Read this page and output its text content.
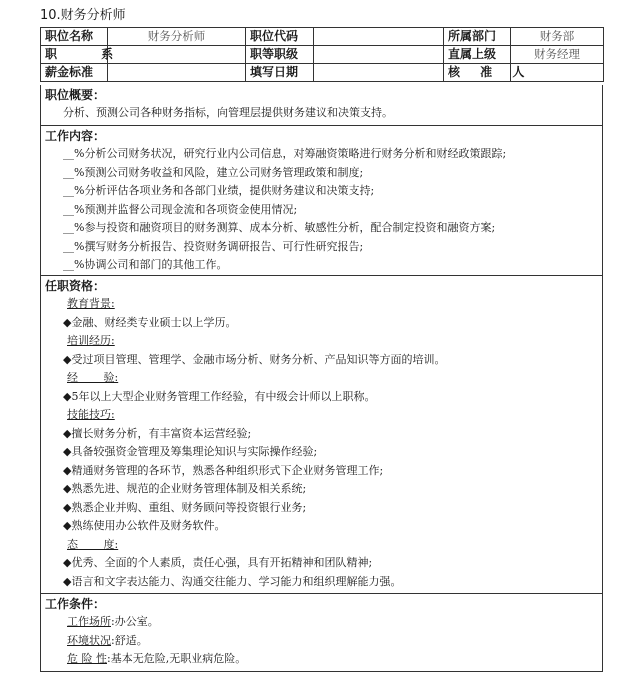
10.财务分析师
职位名称	财务分析师	职位代码		所属部门	财务部
职 系		职等职级		直属上级	财务经理
薪金标准		填写日期		核 准 人	
职位概要：
分析、预测公司各种财务指标，向管理层提供财务建议和决策支持。
工作内容：
__%分析公司财务状况，研究行业内公司信息，对筹融资策略进行财务分析和财经政策跟踪;
__%预测公司财务收益和风险，建立公司财务管理政策和制度;
__%分析评估各项业务和各部门业绩，提供财务建议和决策支持;
__%预测并监督公司现金流和各项资金使用情况;
__%参与投资和融资项目的财务测算、成本分析、敏感性分析，配合制定投资和融资方案;
__%撰写财务分析报告、投资财务调研报告、可行性研究报告;
__%协调公司和部门的其他工作。
任职资格：
教育背景:
◆金融、财经类专业硕士以上学历。
培训经历:
◆受过项目管理、管理学、金融市场分析、财务分析、产品知识等方面的培训。
经 验:
◆5年以上大型企业财务管理工作经验，有中级会计师以上职称。
技能技巧:
◆擅长财务分析，有丰富资本运营经验;
◆具备较强资金管理及筹集理论知识与实际操作经验;
◆精通财务管理的各环节，熟悉各种组织形式下企业财务管理工作;
◆熟悉先进、规范的企业财务管理体制及相关系统;
◆熟悉企业并购、重组、财务顾问等投资银行业务;
◆熟练使用办公软件及财务软件。
态 度:
◆优秀、全面的个人素质，责任心强，具有开拓精神和团队精神;
◆语言和文字表达能力、沟通交往能力、学习能力和组织理解能力强。
工作条件：
工作场所:办公室。
环境状况:舒适。
危 险 性:基本无危险,无职业病危险。
